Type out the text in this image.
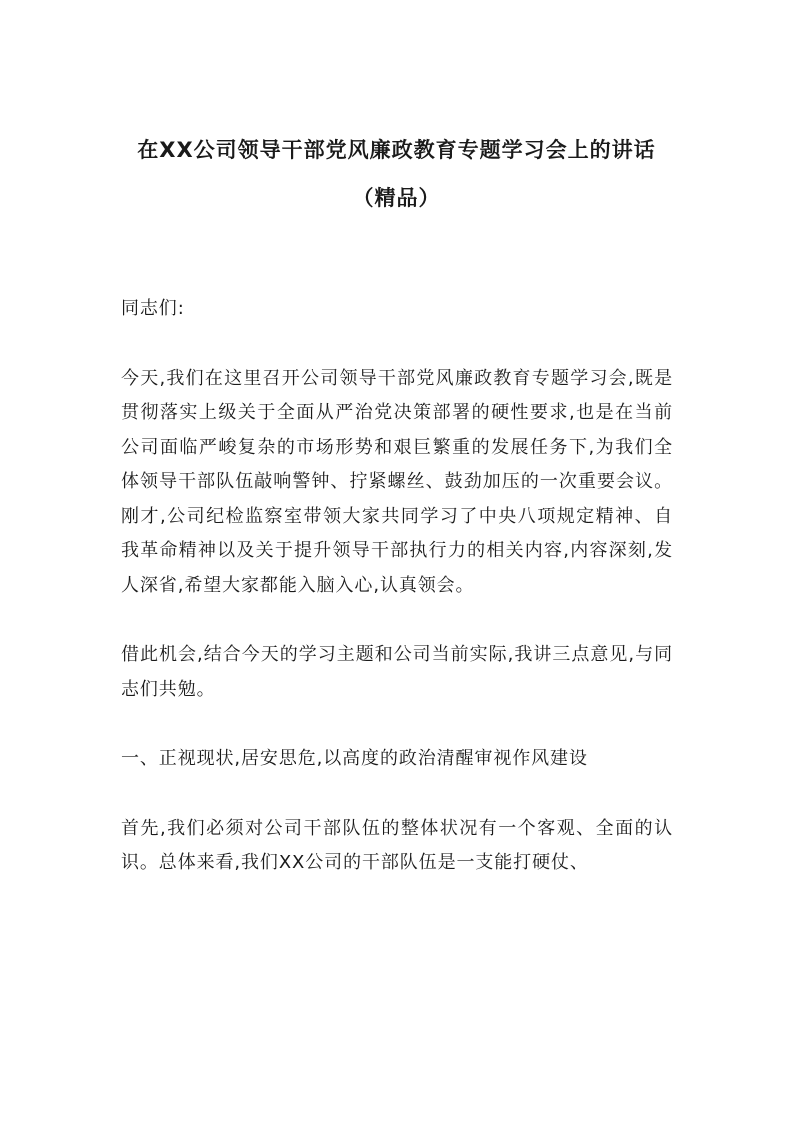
在XX公司领导干部党风廉政教育专题学习会上的讲话（精品）

同志们:

今天,我们在这里召开公司领导干部党风廉政教育专题学习会,既是贯彻落实上级关于全面从严治党决策部署的硬性要求,也是在当前公司面临严峻复杂的市场形势和艰巨繁重的发展任务下,为我们全体领导干部队伍敲响警钟、拧紧螺丝、鼓劲加压的一次重要会议。刚才,公司纪检监察室带领大家共同学习了中央八项规定精神、自我革命精神以及关于提升领导干部执行力的相关内容,内容深刻,发人深省,希望大家都能入脑入心,认真领会。

借此机会,结合今天的学习主题和公司当前实际,我讲三点意见,与同志们共勉。

一、正视现状,居安思危,以高度的政治清醒审视作风建设

首先,我们必须对公司干部队伍的整体状况有一个客观、全面的认识。总体来看,我们XX公司的干部队伍是一支能打硬仗、
